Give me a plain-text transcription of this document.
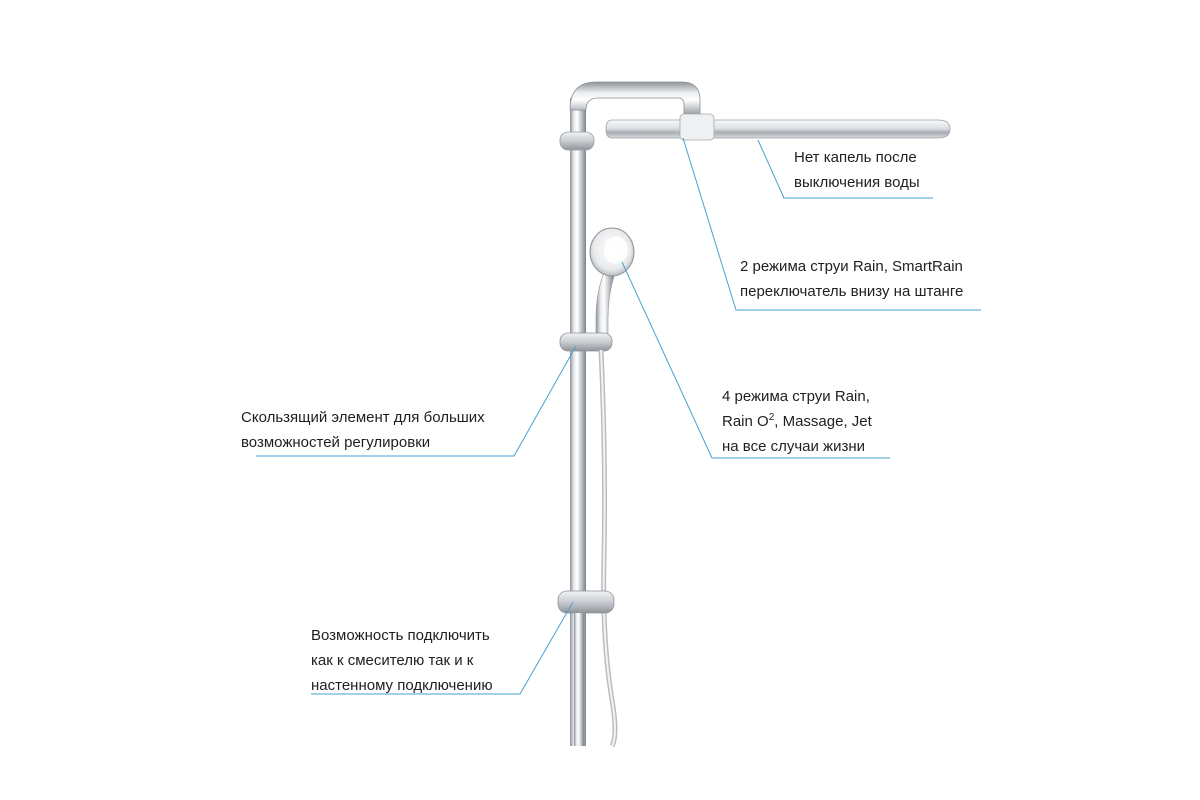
Нет капель после
выключения воды
2 режима струи Rain, SmartRain
переключатель внизу на штанге
4 режима струи Rain,
Rain $O^2$, Massage, Jet
на все случаи жизни
Скользящий элемент для больших
возможностей регулировки
Возможность подключить
как к смесителю так и к
настенному подключению
